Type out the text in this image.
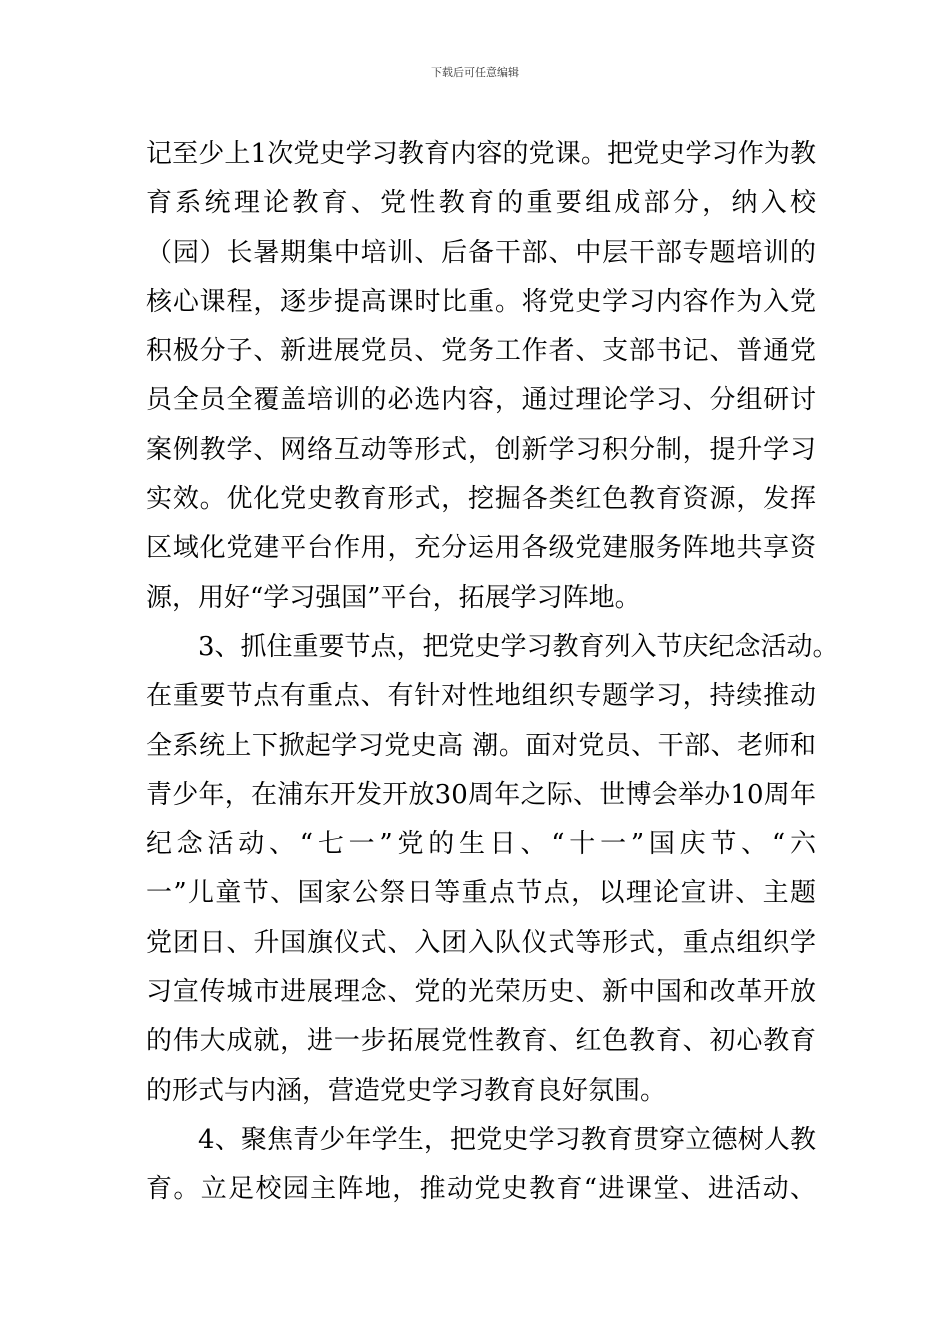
下载后可任意编辑
记至少上1次党史学习教育内容的党课。把党史学习作为教
育系统理论教育、党性教育的重要组成部分，纳入校
（园）长暑期集中培训、后备干部、中层干部专题培训的
核心课程，逐步提高课时比重。将党史学习内容作为入党
积极分子、新进展党员、党务工作者、支部书记、普通党
员全员全覆盖培训的必选内容，通过理论学习、分组研讨
案例教学、网络互动等形式，创新学习积分制，提升学习
实效。优化党史教育形式，挖掘各类红色教育资源，发挥
区域化党建平台作用，充分运用各级党建服务阵地共享资
源，用好“学习强国”平台，拓展学习阵地。
3、抓住重要节点，把党史学习教育列入节庆纪念活动。
在重要节点有重点、有针对性地组织专题学习，持续推动
全系统上下掀起学习党史高 潮。面对党员、干部、老师和
青少年，在浦东开发开放30周年之际、世博会举办10周年
纪念活动、“七一”党的生日、“十一”国庆节、“六
一”儿童节、国家公祭日等重点节点，以理论宣讲、主题
党团日、升国旗仪式、入团入队仪式等形式，重点组织学
习宣传城市进展理念、党的光荣历史、新中国和改革开放
的伟大成就，进一步拓展党性教育、红色教育、初心教育
的形式与内涵，营造党史学习教育良好氛围。
4、聚焦青少年学生，把党史学习教育贯穿立德树人教
育。立足校园主阵地，推动党史教育“进课堂、进活动、
